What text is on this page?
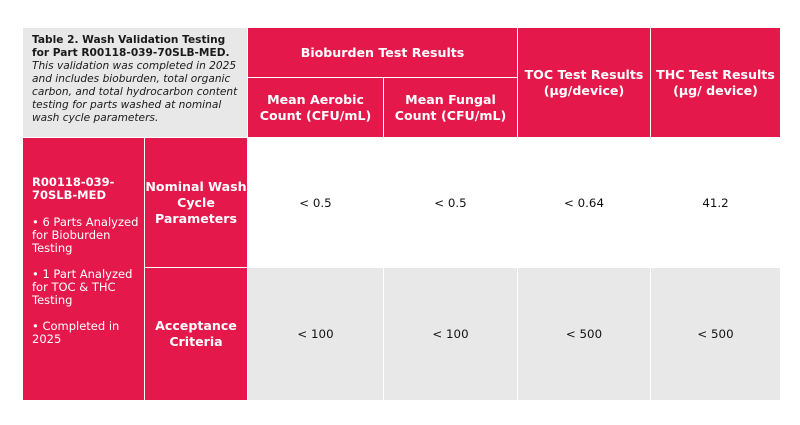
Table 2. Wash Validation Testing for Part R00118-039-70SLB-MED. This validation was completed in 2025 and includes bioburden, total organic carbon, and total hydrocarbon content testing for parts washed at nominal wash cycle parameters.		Bioburden Test Results		TOC Test Results (µg/device)	THC Test Results (µg/ device)
		Mean Aerobic Count (CFU/mL)	Mean Fungal Count (CFU/mL)		

R00118-039-70SLB-MED
• 6 Parts Analyzed for Bioburden Testing
• 1 Part Analyzed for TOC & THC Testing
• Completed in 2025	Nominal Wash Cycle Parameters	< 0.5	< 0.5	< 0.64	41.2
	Acceptance Criteria	< 100	< 100	< 500	< 500
